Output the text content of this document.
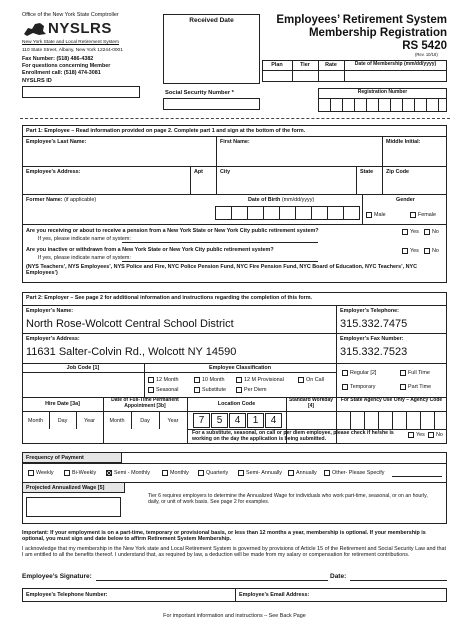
Office of the New York State Comptroller
NYSLRS
New York State and Local Retirement System
110 State Street, Albany, New York 12244-0001
Fax Number: (518) 486-4382
For questions concerning Member
Enrollment call: (518) 474-3081
NYSLRS ID
Received Date
Social Security Number *
Employees’ Retirement System
Membership Registration
RS 5420
(Rev. 10/18)
Plan	Tier	Rate	Date of Membership (mm/dd/yyyy)
Registration Number
Part 1: Employee – Read information provided on page 2. Complete part 1 and sign at the bottom of the form.
Employee’s Last Name:	First Name:	Middle Initial:
Employee’s Address:	Apt	City	State Zip Code
Former Name: (if applicable)	Date of Birth (mm/dd/yyyy)	Gender
Male	Female
Are you receiving or about to receive a pension from a New York State or New York City public retirement system?
If yes, please indicate name of system:
Yes No
Are you inactive or withdrawn from a New York State or New York City public retirement system?
If yes, please indicate name of system:
Yes No
(NYS Teachers’, NYS Employees’, NYS Police and Fire, NYC Police Pension Fund, NYC Fire Pension Fund, NYC Board of Education, NYC Teachers’, NYC Employees’)
Part 2: Employer – See page 2 for additional information and instructions regarding the completion of this form.
Employer’s Name:
North Rose-Wolcott Central School District
Employer’s Telephone:
315.332.7475
Employer’s Address:
11631 Salter-Colvin Rd., Wolcott NY 14590
Employer’s Fax Number:
315.332.7523
Job Code [1]	Employee Classification
12 Month	10 Month	12 M Provisional	On Call
Seasonal	Substitute	Per Diem
Regular [2]
Temporary
Full Time
Part Time
Hire Date [3a]
Date of Full-Time Permanent Appointment [3b]	Location Code
Standard Workday [4]
For State Agency Use Only – Agency Code
Month	Day	Year	Month	Day	Year	7	5	4	1	4
For a substitute, seasonal, on call or per diem employee, please check if he/she is working on the day the application is being submitted.
Yes No
Frequency of Payment
Weekly	Bi-Weekly	Semi - Monthly	Monthly	Quarterly	Semi- Annually	Annually	Other- Please Specify
Projected Annualized Wage [5]
Tier 6 requires employers to determine the Annualized Wage for individuals who work part-time, seasonal, or on an hourly, daily, or unit of work basis. See page 2 for examples.
Important: If your employment is on a part-time, temporary or provisional basis, or less than 12 months a year, membership is optional. If your membership is optional, you must sign and date below to affirm Retirement System Membership.
I acknowledge that my membership in the New York state and Local Retirement System is governed by provisions of Article 15 of the Retirement and Social Security Law and that I am entitled to all the benefits thereof. I understand that, as required by law, a deduction will be made from my salary or compensation for retirement contributions.
Employee’s Signature:	Date:
Employee’s Telephone Number:	Employee’s Email Address:
For important information and instructions – See Back Page
